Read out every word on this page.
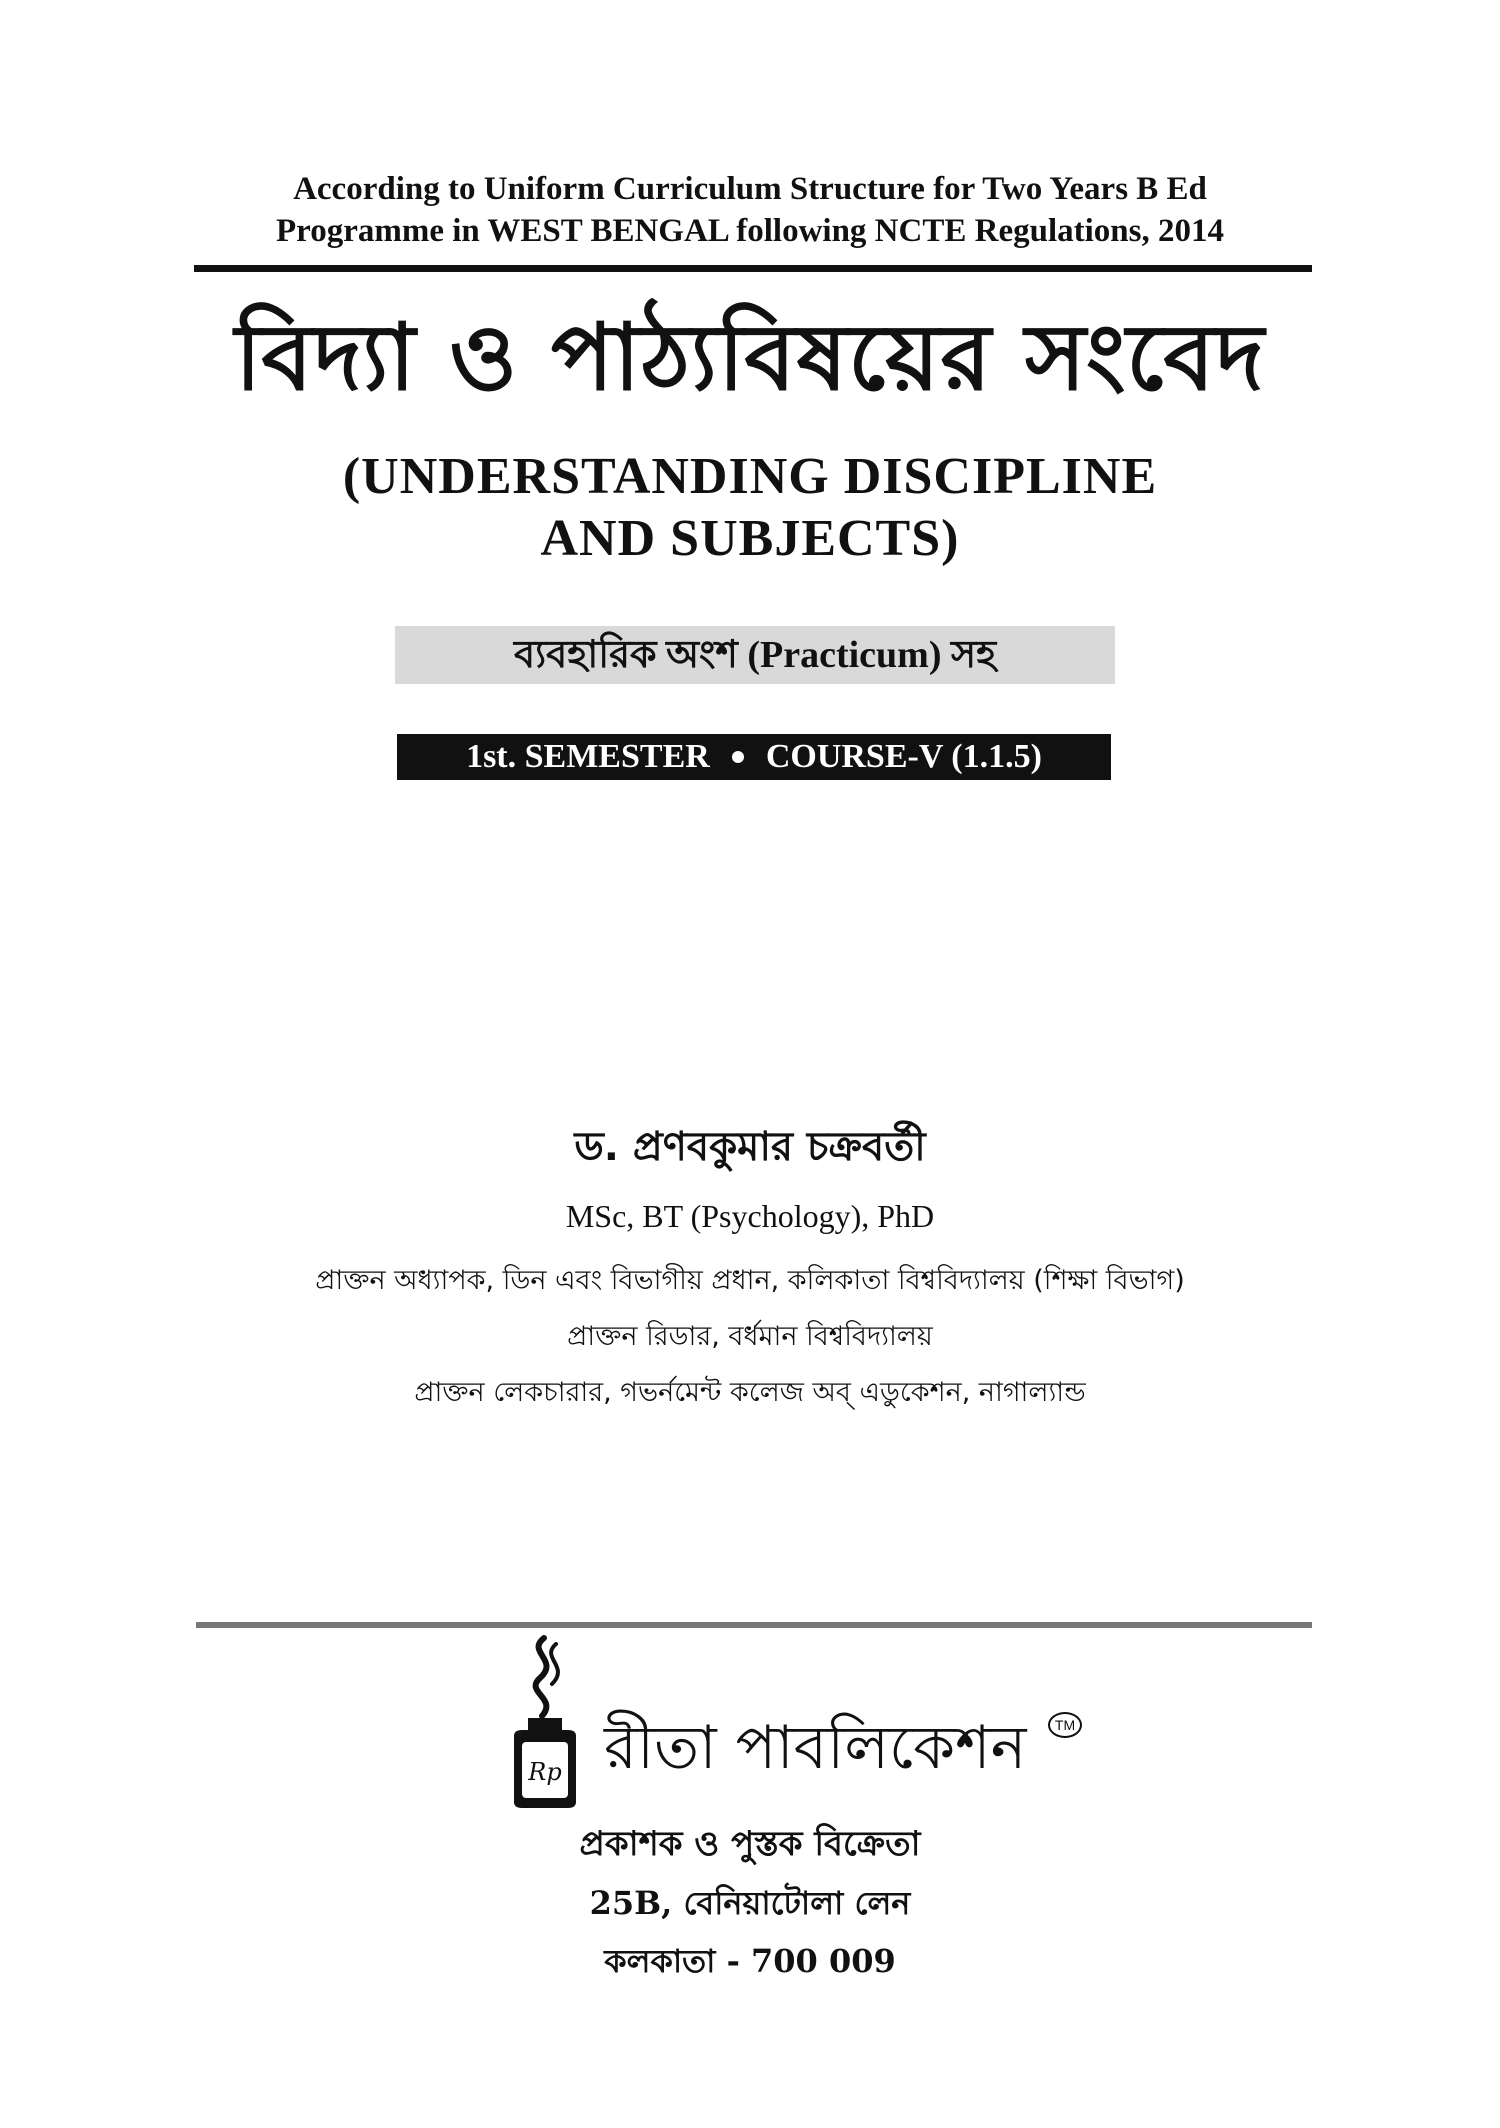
According to Uniform Curriculum Structure for Two Years B Ed
Programme in WEST BENGAL following NCTE Regulations, 2014
বিদ্যা ও পাঠ্যবিষয়ের সংবেদ
(UNDERSTANDING DISCIPLINE
AND SUBJECTS)
ব্যবহারিক অংশ (Practicum) সহ
1st. SEMESTER COURSE-V (1.1.5)
ড. প্রণবকুমার চক্রবর্তী
MSc, BT (Psychology), PhD
প্রাক্তন অধ্যাপক, ডিন এবং বিভাগীয় প্রধান, কলিকাতা বিশ্ববিদ্যালয় (শিক্ষা বিভাগ)
প্রাক্তন রিডার, বর্ধমান বিশ্ববিদ্যালয়
প্রাক্তন লেকচারার, গভর্নমেন্ট কলেজ অব্ এডুকেশন, নাগাল্যান্ড
Rp রীতা পাবলিকেশন	TM
প্রকাশক ও পুস্তক বিক্রেতা
25B, বেনিয়াটোলা লেন
কলকাতা - 700 009
